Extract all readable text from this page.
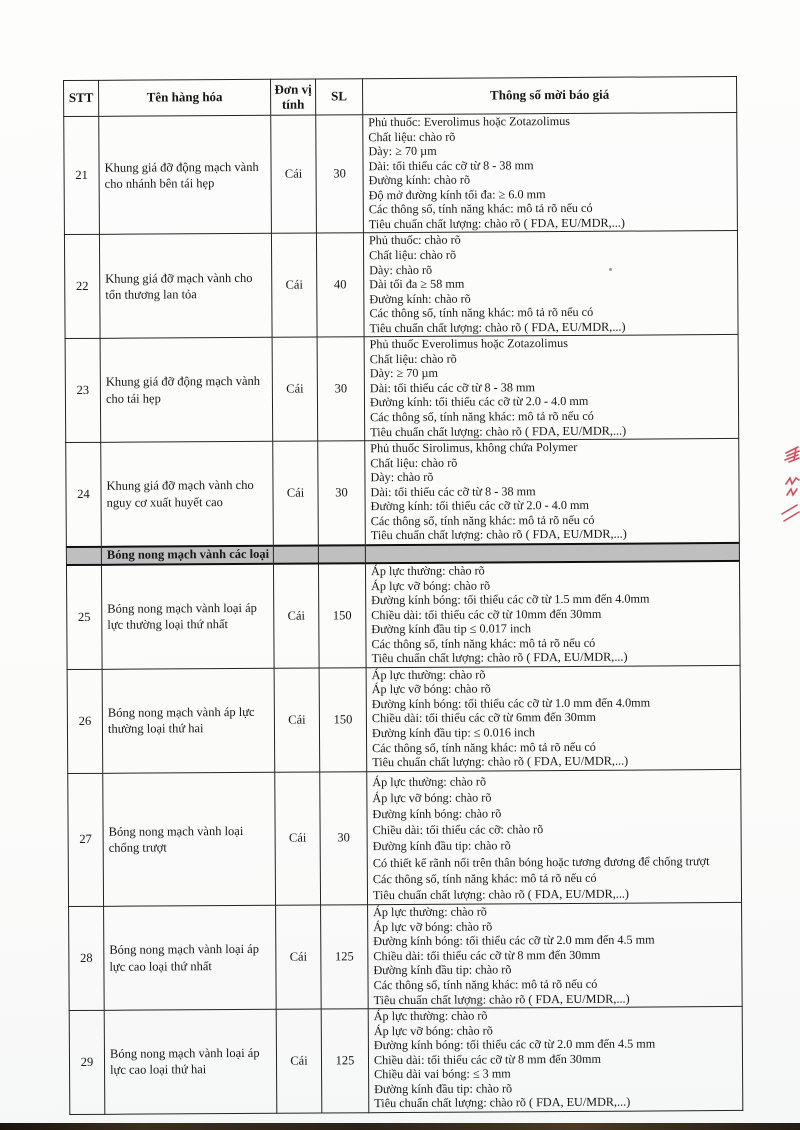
STT	Tên hàng hóa	Đơn vị tính	SL	Thông số mời báo giá
21	Khung giá đỡ động mạch vành cho nhánh bên tái hẹp	Cái	30	
Phủ thuốc: Everolimus hoặc Zotazolimus
Chất liệu: chào rõ
Dày: ≥ 70 µm
Dài: tối thiểu các cỡ từ 8 - 38 mm
Đường kính: chào rõ
Độ mở đường kính tối đa: ≥ 6.0 mm
Các thông số, tính năng khác: mô tả rõ nếu có
Tiêu chuẩn chất lượng: chào rõ ( FDA, EU/MDR,...)

22	Khung giá đỡ mạch vành cho tổn thương lan tỏa	Cái	40	
Phủ thuốc: chào rõ
Chất liệu: chào rõ
Dày: chào rõ
Dài tối đa ≥ 58 mm
Đường kính: chào rõ
Các thông số, tính năng khác: mô tả rõ nếu có
Tiêu chuẩn chất lượng: chào rõ ( FDA, EU/MDR,...)

23	Khung giá đỡ động mạch vành cho tái hẹp	Cái	30	
Phủ thuốc Everolimus hoặc Zotazolimus
Chất liệu: chào rõ
Dày: ≥ 70 µm
Dài: tối thiểu các cỡ từ 8 - 38 mm
Đường kính: tối thiểu các cỡ từ 2.0 - 4.0 mm
Các thông số, tính năng khác: mô tả rõ nếu có
Tiêu chuẩn chất lượng: chào rõ ( FDA, EU/MDR,...)

24	Khung giá đỡ mạch vành cho nguy cơ xuất huyết cao	Cái	30	
Phủ thuốc Sirolimus, không chứa Polymer
Chất liệu: chào rõ
Dày: chào rõ
Dài: tối thiểu các cỡ từ 8 - 38 mm
Đường kính: tối thiểu các cỡ từ 2.0 - 4.0 mm
Các thông số, tính năng khác: mô tả rõ nếu có
Tiêu chuẩn chất lượng: chào rõ ( FDA, EU/MDR,...)

	Bóng nong mạch vành các loại			
25	Bóng nong mạch vành loại áp lực thường loại thứ nhất	Cái	150	
Áp lực thường: chào rõ
Áp lực vỡ bóng: chào rõ
Đường kính bóng: tối thiểu các cỡ từ 1.5 mm đến 4.0mm
Chiều dài: tối thiểu các cỡ từ 10mm đến 30mm
Đường kính đầu tip ≤ 0.017 inch
Các thông số, tính năng khác: mô tả rõ nếu có
Tiêu chuẩn chất lượng: chào rõ ( FDA, EU/MDR,...)

26	Bóng nong mạch vành áp lực thường loại thứ hai	Cái	150	
Áp lực thường: chào rõ
Áp lực vỡ bóng: chào rõ
Đường kính bóng: tối thiểu các cỡ từ 1.0 mm đến 4.0mm
Chiều dài: tối thiểu các cỡ từ 6mm đến 30mm
Đường kính đầu tip: ≤ 0.016 inch
Các thông số, tính năng khác: mô tả rõ nếu có
Tiêu chuẩn chất lượng: chào rõ ( FDA, EU/MDR,...)

27	Bóng nong mạch vành loại chống trượt	Cái	30	
Áp lực thường: chào rõ
Áp lực vỡ bóng: chào rõ
Đường kính bóng: chào rõ
Chiều dài: tối thiểu các cỡ: chào rõ
Đường kính đầu tip: chào rõ
Có thiết kế rãnh nổi trên thân bóng hoặc tương đương để chống trượt
Các thông số, tính năng khác: mô tả rõ nếu có
Tiêu chuẩn chất lượng: chào rõ ( FDA, EU/MDR,...)

28	Bóng nong mạch vành loại áp lực cao loại thứ nhất	Cái	125	
Áp lực thường: chào rõ
Áp lực vỡ bóng: chào rõ
Đường kính bóng: tối thiểu các cỡ từ 2.0 mm đến 4.5 mm
Chiều dài: tối thiểu các cỡ từ 8 mm đến 30mm
Đường kính đầu tip: chào rõ
Các thông số, tính năng khác: mô tả rõ nếu có
Tiêu chuẩn chất lượng: chào rõ ( FDA, EU/MDR,...)

29	Bóng nong mạch vành loại áp lực cao loại thứ hai	Cái	125	
Áp lực thường: chào rõ
Áp lực vỡ bóng: chào rõ
Đường kính bóng: tối thiểu các cỡ từ 2.0 mm đến 4.5 mm
Chiều dài: tối thiểu các cỡ từ 8 mm đến 30mm
Chiều dài vai bóng: ≤ 3 mm
Đường kính đầu tip: chào rõ
Tiêu chuẩn chất lượng: chào rõ ( FDA, EU/MDR,...)
